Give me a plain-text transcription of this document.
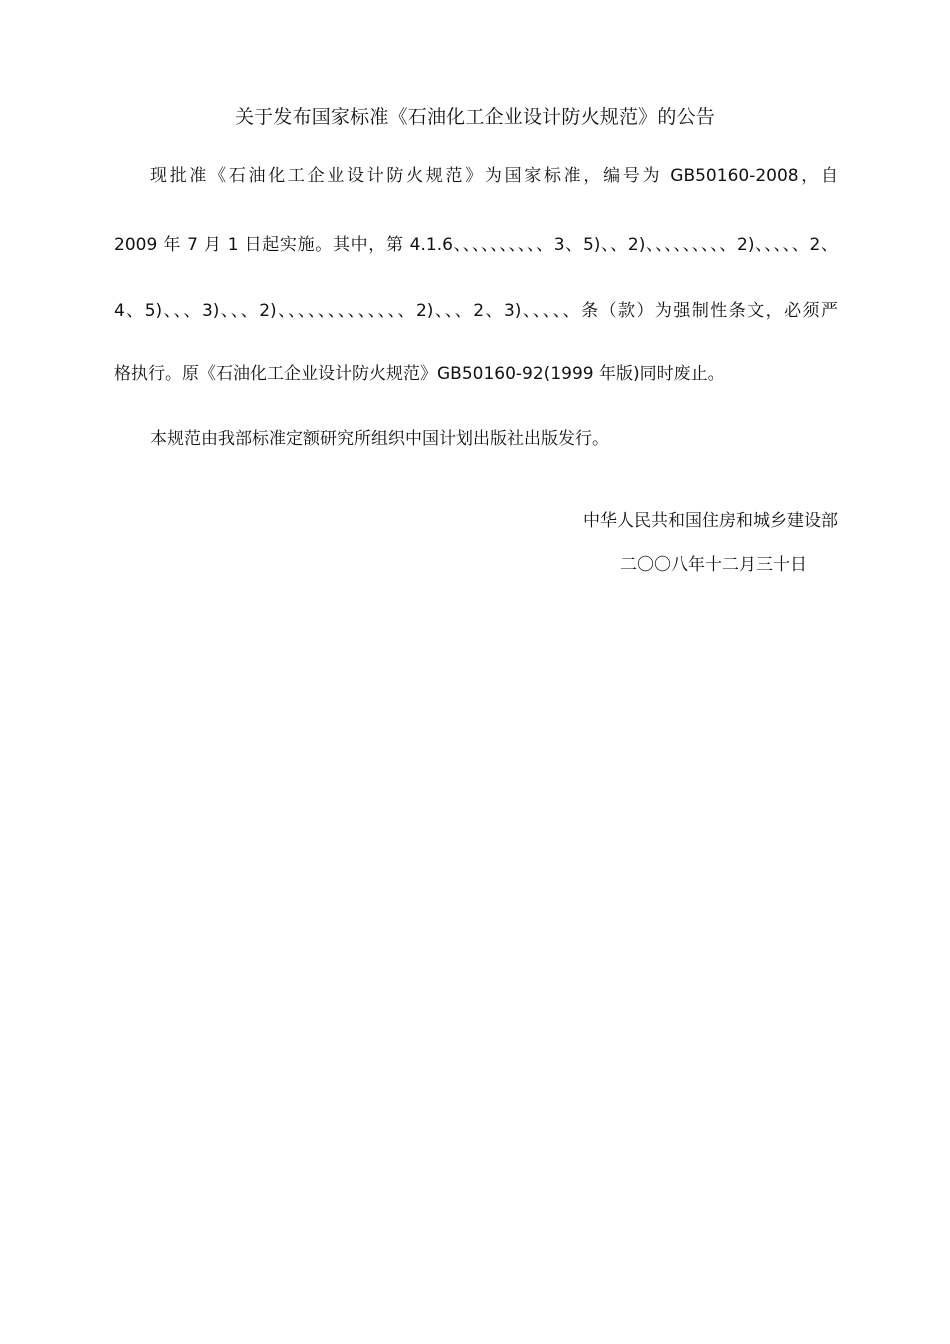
关于发布国家标准《石油化工企业设计防火规范》的公告
现批准《石油化工企业设计防火规范》为国家标准，编号为 GB50160-2008，自
2009 年 7 月 1 日起实施。其中，第 4.1.6、、、、、、、、、、3、5)、、2)、、、、、、、、、2)、、、、、2、
4、5)、、、3)、、、2)、、、、、、、、、、、、、2)、、、2、3)、、、、、条（款）为强制性条文，必须严
格执行。原《石油化工企业设计防火规范》GB50160-92(1999 年版)同时废止。
本规范由我部标准定额研究所组织中国计划出版社出版发行。
中华人民共和国住房和城乡建设部
二〇〇八年十二月三十日
